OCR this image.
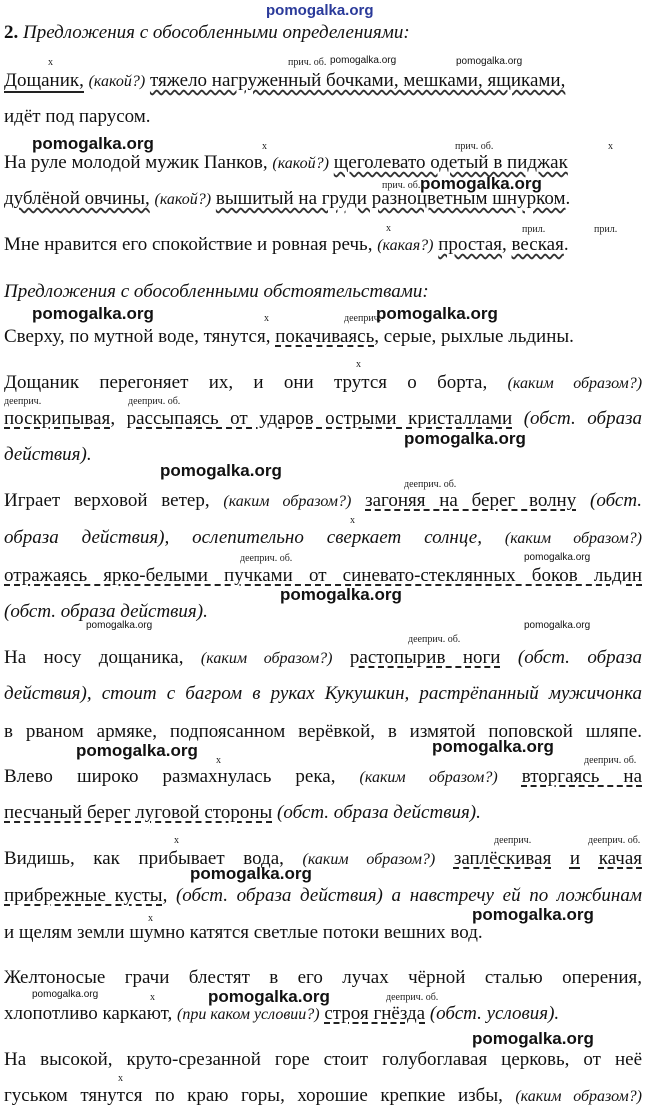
pomogalka.org
pomogalka.org
pomogalka.org
pomogalka.org	pomogalka.org
pomogalka.org
pomogalka.org
pomogalka.org
pomogalka.org	pomogalka.org
pomogalka.org
pomogalka.org
pomogalka.org
pomogalka.org
pomogalka.org	pomogalka.org
pomogalka.org
pomogalka.org	pomogalka.org
pomogalka.org
2. Предложения с обособленными определениями:
x	прич. об.
Дощаник, (какой?) тяжело нагруженный бочками, мешками, ящиками,
идёт под парусом.
x	прич. об.	x
На руле молодой мужик Панков, (какой?) щеголевато одетый в пиджак
прич. об.
дублёной овчины, (какой?) вышитый на груди разноцветным шнурком.
x	прил.	прил.
Мне нравится его спокойствие и ровная речь, (какая?) простая, веская.
Предложения с обособленными обстоятельствами:
x	дееприч.
Сверху, по мутной воде, тянутся, покачиваясь, серые, рыхлые льдины.
x
Дощаник перегоняет их, и они трутся о борта, (каким образом?)
дееприч.	дееприч. об.
поскрипывая, рассыпаясь от ударов острыми кристаллами (обст. образа
действия).
дееприч. об.
Играет верховой ветер, (каким образом?) загоняя на берег волну (обст.
x
образа действия), ослепительно сверкает солнце, (каким образом?)
дееприч. об.
отражаясь ярко-белыми пучками от синевато-стеклянных боков льдин
(обст. образа действия).
дееприч. об.
На носу дощаника, (каким образом?) растопырив ноги (обст. образа
действия), стоит с багром в руках Кукушкин, растрёпанный мужичонка
в рваном армяке, подпоясанном верёвкой, в измятой поповской шляпе.
x	дееприч. об.
Влево широко размахнулась река, (каким образом?) вторгаясь на
песчаный берег луговой стороны (обст. образа действия).
x	дееприч.	дееприч. об.
Видишь, как прибывает вода, (каким образом?) заплёскивая и качая
прибрежные кусты, (обст. образа действия) а навстречу ей по ложбинам
x
и щелям земли шумно катятся светлые потоки вешних вод.
Желтоносые грачи блестят в его лучах чёрной сталью оперения,
x	дееприч. об.
хлопотливо каркают, (при каком условии?) строя гнёзда (обст. условия).
На высокой, круто-срезанной горе стоит голубоглавая церковь, от неё
x
гуськом тянутся по краю горы, хорошие крепкие избы, (каким образом?)
